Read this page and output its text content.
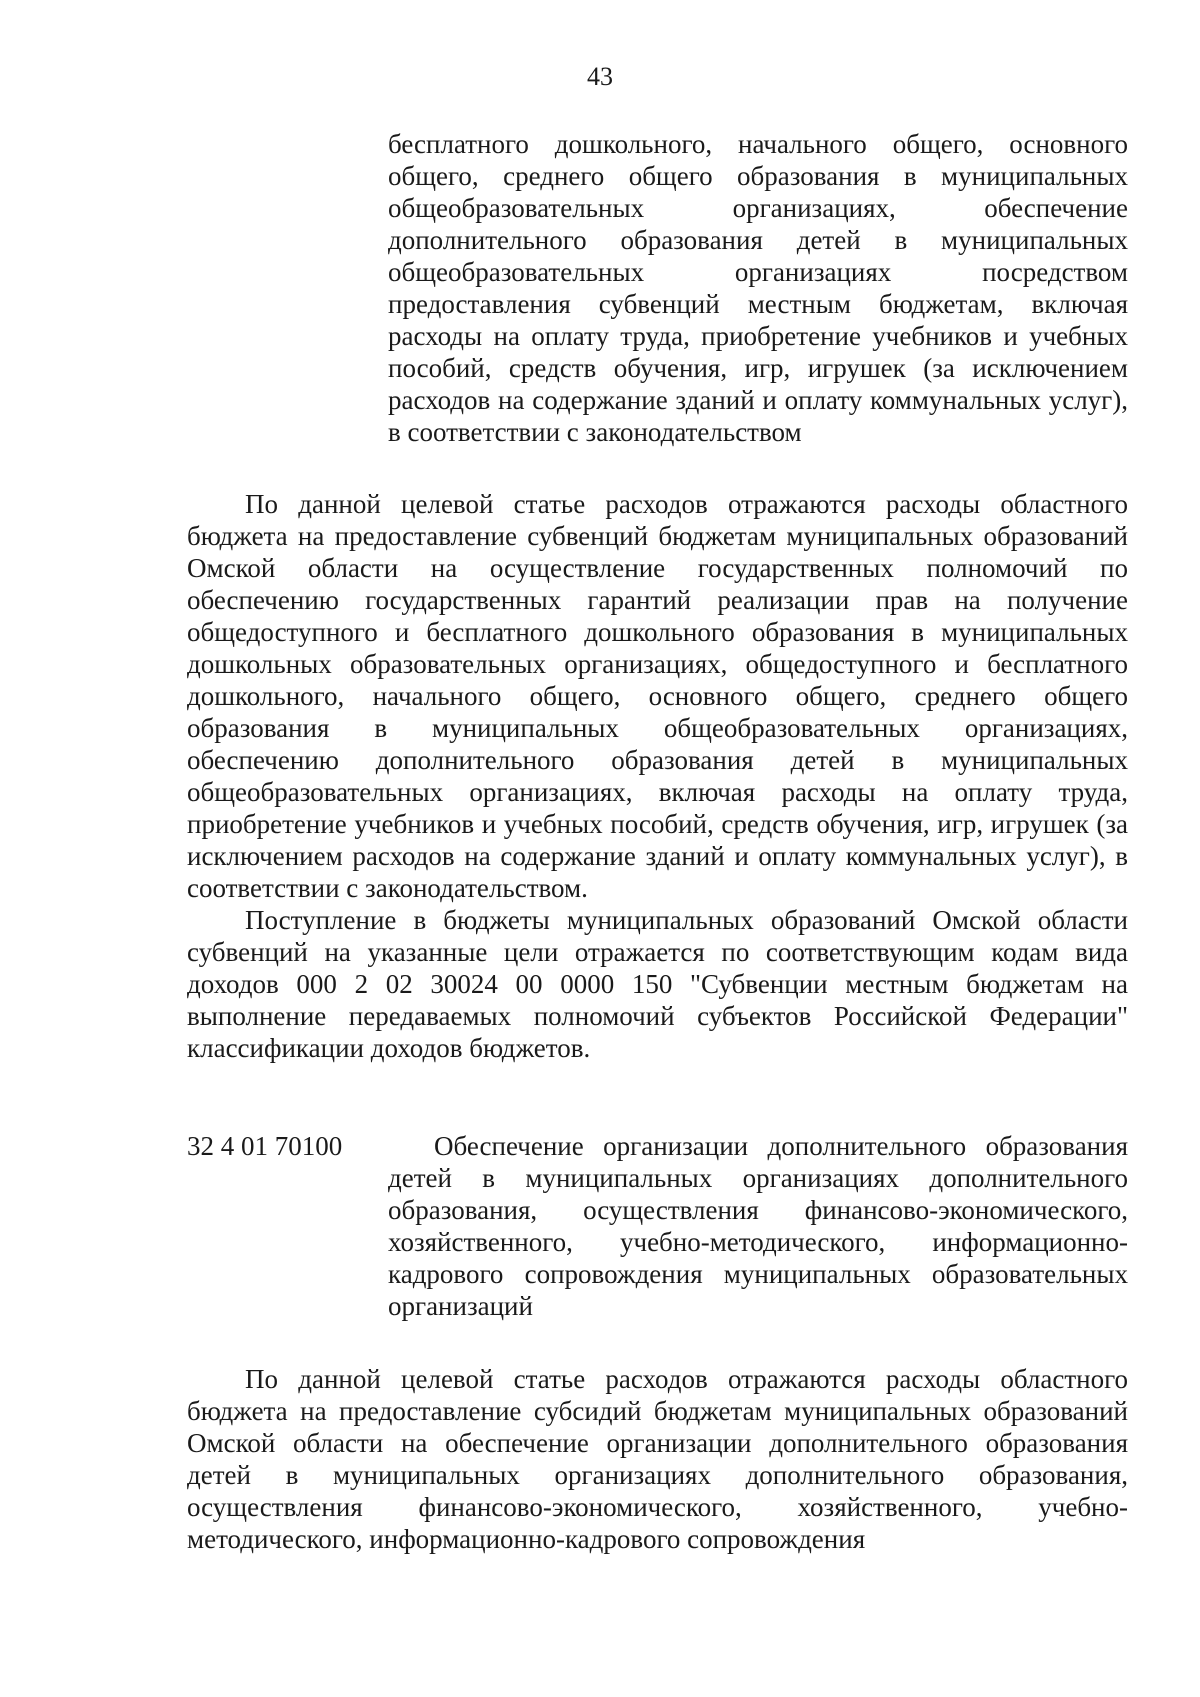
43

бесплатного дошкольного, начального общего, основного общего, среднего общего образования в муниципальных общеобразовательных организациях, обеспечение дополнительного образования детей в муниципальных общеобразовательных организациях посредством предоставления субвенций местным бюджетам, включая расходы на оплату труда, приобретение учебников и учебных пособий, средств обучения, игр, игрушек (за исключением расходов на содержание зданий и оплату коммунальных услуг), в соответствии с законодательством

По данной целевой статье расходов отражаются расходы областного бюджета на предоставление субвенций бюджетам муниципальных образований Омской области на осуществление государственных полномочий по обеспечению государственных гарантий реализации прав на получение общедоступного и бесплатного дошкольного образования в муниципальных дошкольных образовательных организациях, общедоступного и бесплатного дошкольного, начального общего, основного общего, среднего общего образования в муниципальных общеобразовательных организациях, обеспечению дополнительного образования детей в муниципальных общеобразовательных организациях, включая расходы на оплату труда, приобретение учебников и учебных пособий, средств обучения, игр, игрушек (за исключением расходов на содержание зданий и оплату коммунальных услуг), в соответствии с законодательством.

Поступление в бюджеты муниципальных образований Омской области субвенций на указанные цели отражается по соответствующим кодам вида доходов 000 2 02 30024 00 0000 150 "Субвенции местным бюджетам на выполнение передаваемых полномочий субъектов Российской Федерации" классификации доходов бюджетов.

32 4 01 70100	Обеспечение организации дополнительного образования детей в муниципальных организациях дополнительного образования, осуществления финансово-экономического, хозяйственного, учебно-методического, информационно-кадрового сопровождения муниципальных образовательных организаций

По данной целевой статье расходов отражаются расходы областного бюджета на предоставление субсидий бюджетам муниципальных образований Омской области на обеспечение организации дополнительного образования детей в муниципальных организациях дополнительного образования, осуществления финансово-экономического, хозяйственного, учебно-методического, информационно-кадрового сопровождения
